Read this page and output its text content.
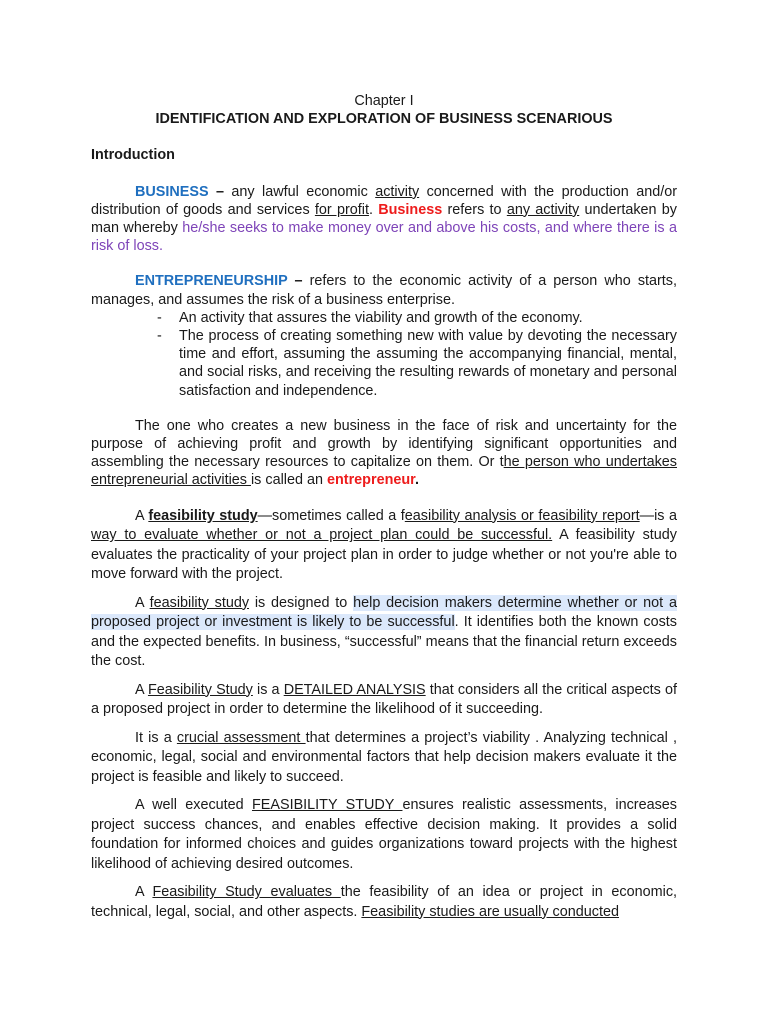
Chapter I

IDENTIFICATION AND EXPLORATION OF BUSINESS SCENARIOUS

Introduction

BUSINESS – any lawful economic activity concerned with the production and/or distribution of goods and services for profit. Business refers to any activity undertaken by man whereby he/she seeks to make money over and above his costs, and where there is a risk of loss.

ENTREPRENEURSHIP – refers to the economic activity of a person who starts, manages, and assumes the risk of a business enterprise.

- An activity that assures the viability and growth of the economy.
- The process of creating something new with value by devoting the necessary time and effort, assuming the assuming the accompanying financial, mental, and social risks, and receiving the resulting rewards of monetary and personal satisfaction and independence.

The one who creates a new business in the face of risk and uncertainty for the purpose of achieving profit and growth by identifying significant opportunities and assembling the necessary resources to capitalize on them. Or the person who undertakes entrepreneurial activities is called an entrepreneur.

A feasibility study—sometimes called a feasibility analysis or feasibility report—is a way to evaluate whether or not a project plan could be successful. A feasibility study evaluates the practicality of your project plan in order to judge whether or not you're able to move forward with the project.

A feasibility study is designed to help decision makers determine whether or not a proposed project or investment is likely to be successful. It identifies both the known costs and the expected benefits. In business, “successful” means that the financial return exceeds the cost.

A Feasibility Study is a DETAILED ANALYSIS that considers all the critical aspects of a proposed project in order to determine the likelihood of it succeeding.

It is a crucial assessment that determines a project’s viability . Analyzing technical , economic, legal, social and environmental factors that help decision makers evaluate it the project is feasible and likely to succeed.

A well executed FEASIBILITY STUDY ensures realistic assessments, increases project success chances, and enables effective decision making. It provides a solid foundation for informed choices and guides organizations toward projects with the highest likelihood of achieving desired outcomes.

A Feasibility Study evaluates the feasibility of an idea or project in economic, technical, legal, social, and other aspects. Feasibility studies are usually conducted
